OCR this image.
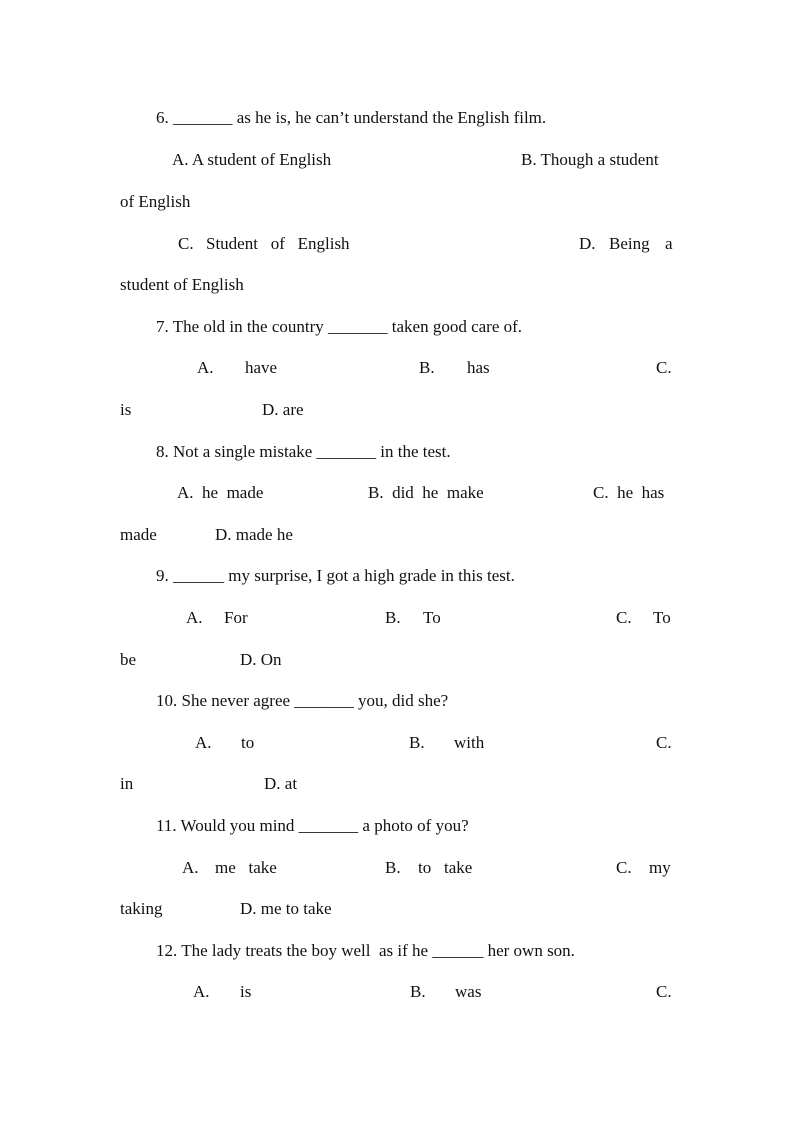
6. _______ as he is, he can’t understand the English film.
A. A student of English	B. Though a student
of English
C. Student   of   English	D. Being a
student of English
7. The old in the country _______ taken good care of.
A. have	B. has	C.
is	D. are
8. Not a single mistake _______ in the test.
A.  he  made	B.  did  he  make	C.  he  has
made	D. made he
9. ______ my surprise, I got a high grade in this test.
A. For	B. To	C. To
be	D. On
10. She never agree _______ you, did she?
A. to	B. with	C.
in	D. at
11. Would you mind _______ a photo of you?
A. me   take	B. to   take	C. my
taking	D. me to take
12. The lady treats the boy well  as if he ______ her own son.
A. is	B. was	C.
